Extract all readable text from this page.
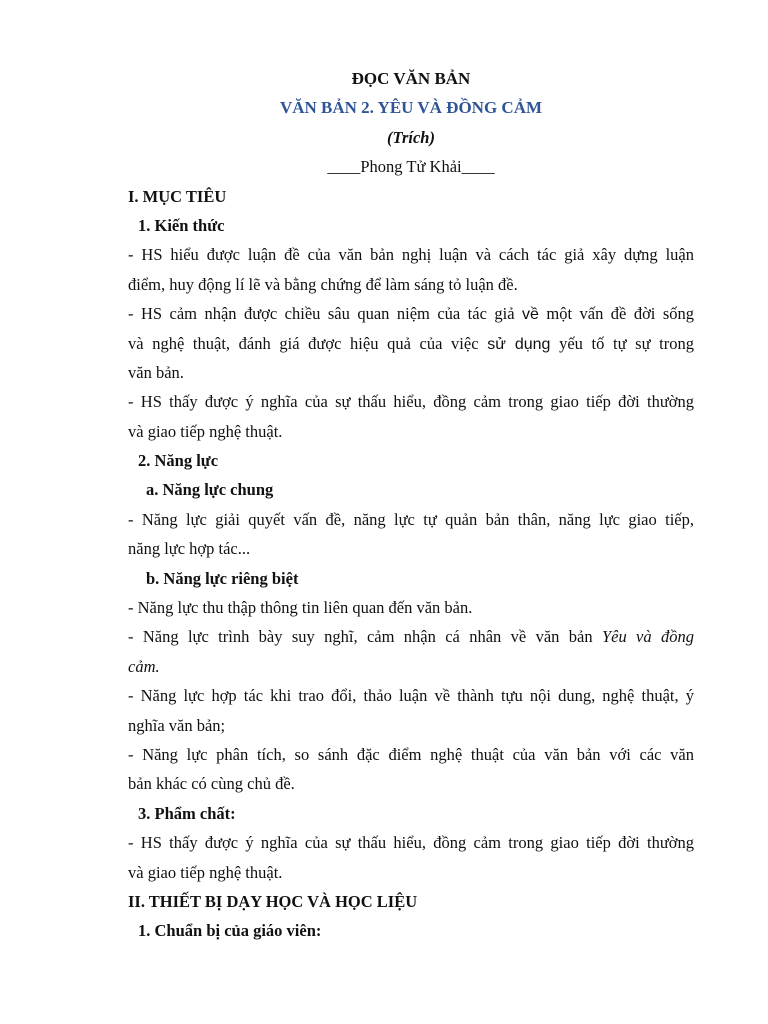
ĐỌC VĂN BẢN
VĂN BẢN 2. YÊU VÀ ĐỒNG CẢM
(Trích)
____Phong Tử Khải____
I. MỤC TIÊU
1. Kiến thức
- HS hiểu được luận đề của văn bản nghị luận và cách tác giả xây dựng luận
điểm, huy động lí lẽ và bằng chứng để làm sáng tỏ luận đề.
- HS cảm nhận được chiều sâu quan niệm của tác giả về một vấn đề đời sống
và nghệ thuật, đánh giá được hiệu quả của việc sử dụng yếu tố tự sự trong
văn bản.
- HS thấy được ý nghĩa của sự thấu hiểu, đồng cảm trong giao tiếp đời thường
và giao tiếp nghệ thuật.
2. Năng lực
a. Năng lực chung
- Năng lực giải quyết vấn đề, năng lực tự quản bản thân, năng lực giao tiếp,
năng lực hợp tác...
b. Năng lực riêng biệt
- Năng lực thu thập thông tin liên quan đến văn bản.
- Năng lực trình bày suy nghĩ, cảm nhận cá nhân về văn bản Yêu và đồng
cảm.
- Năng lực hợp tác khi trao đổi, thảo luận về thành tựu nội dung, nghệ thuật, ý
nghĩa văn bản;
- Năng lực phân tích, so sánh đặc điểm nghệ thuật của văn bản với các văn
bản khác có cùng chủ đề.
3. Phẩm chất:
- HS thấy được ý nghĩa của sự thấu hiểu, đồng cảm trong giao tiếp đời thường
và giao tiếp nghệ thuật.
II. THIẾT BỊ DẠY HỌC VÀ HỌC LIỆU
1. Chuẩn bị của giáo viên:
